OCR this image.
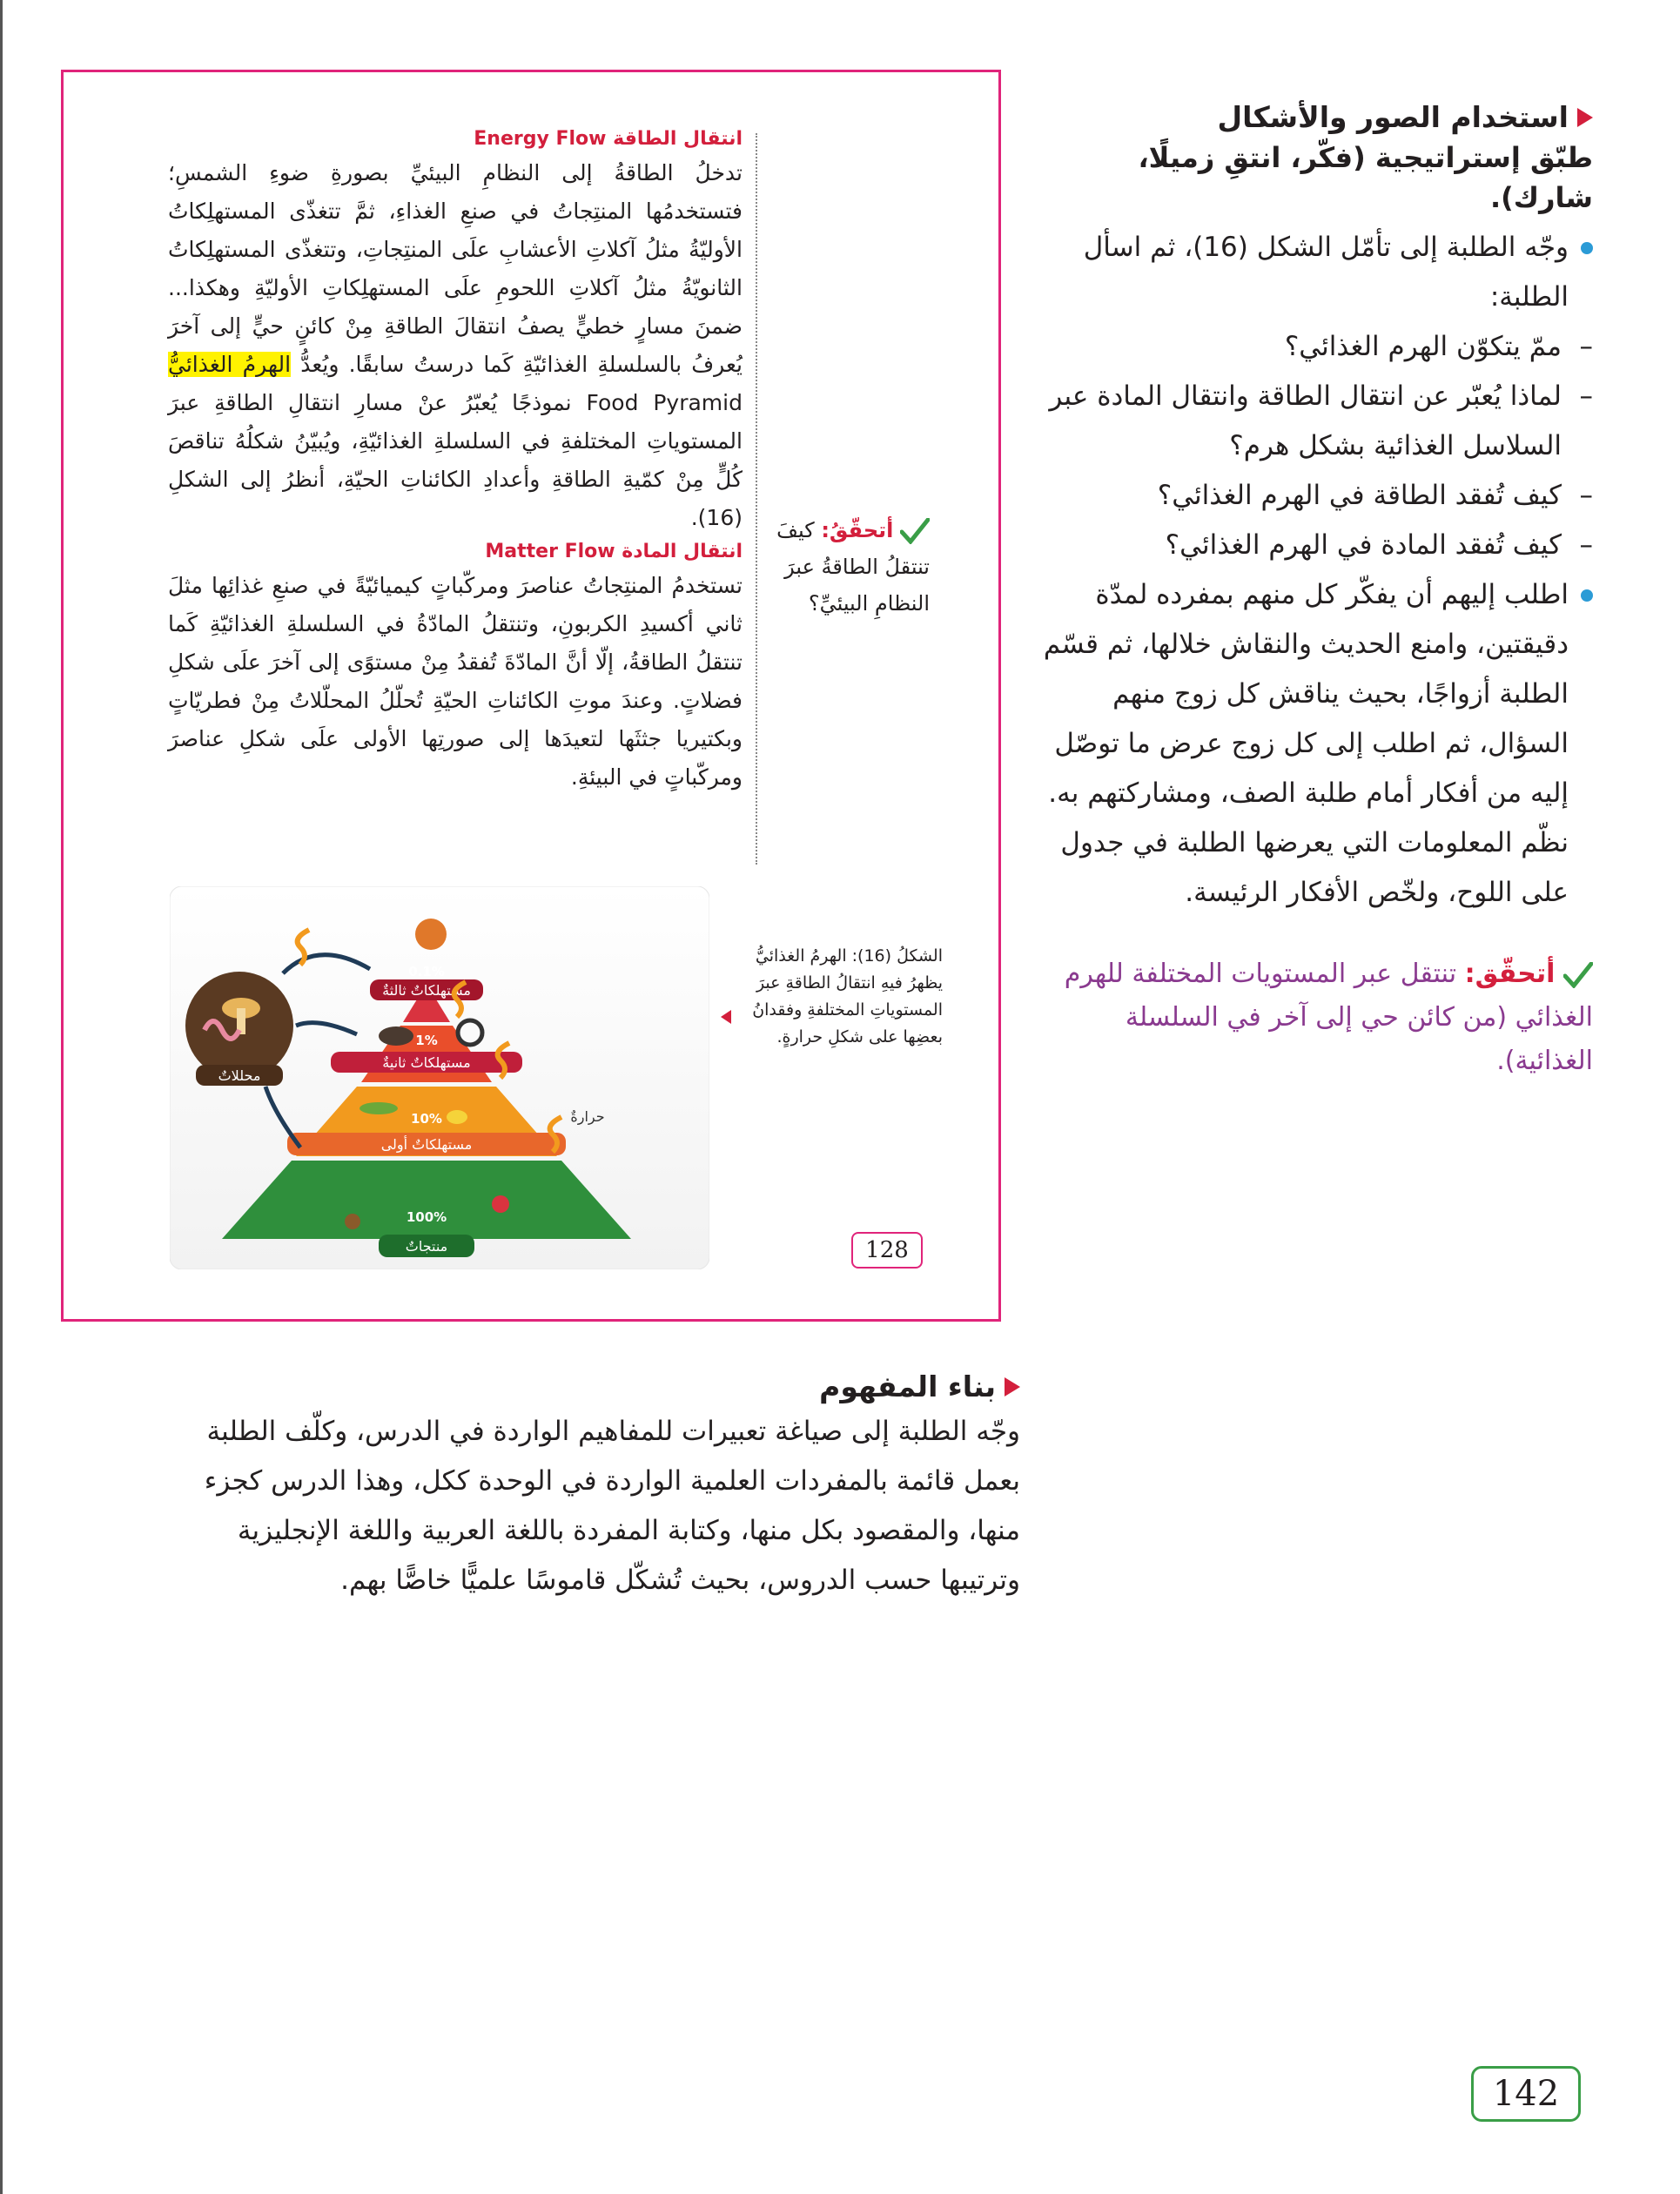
استخدام الصور والأشكال
طبّق إستراتيجية (فكّر، انتقِ زميلًا، شارك).
وجّه الطلبة إلى تأمّل الشكل (16)، ثم اسأل الطلبة:
– ممّ يتكوّن الهرم الغذائي؟
– لماذا يُعبّر عن انتقال الطاقة وانتقال المادة عبر السلاسل الغذائية بشكل هرم؟
– كيف تُفقد الطاقة في الهرم الغذائي؟
– كيف تُفقد المادة في الهرم الغذائي؟
اطلب إليهم أن يفكّر كل منهم بمفرده لمدّة دقيقتين، وامنع الحديث والنقاش خلالها، ثم قسّم الطلبة أزواجًا، بحيث يناقش كل زوج منهم السؤال، ثم اطلب إلى كل زوج عرض ما توصّل إليه من أفكار أمام طلبة الصف، ومشاركتهم به. نظّم المعلومات التي يعرضها الطلبة في جدول على اللوح، ولخّص الأفكار الرئيسة.
أتحقّق: تنتقل عبر المستويات المختلفة للهرم الغذائي (من كائن حي إلى آخر في السلسلة الغذائية).
انتقال الطاقة Energy Flow
تدخلُ الطاقةُ إلى النظامِ البيئيِّ بصورةِ ضوءِ الشمسِ؛ فتستخدمُها المنتِجاتُ في صنعِ الغذاءِ، ثمَّ تتغذّى المستهلِكاتُ الأوليّةُ مثلُ آكلاتِ الأعشابِ علَى المنتِجاتِ، وتتغذّى المستهلِكاتُ الثانويّةُ مثلُ آكلاتِ اللحومِ علَى المستهلِكاتِ الأوليّةِ وهكذا... ضمنَ مسارٍ خطيٍّ يصفُ انتقالَ الطاقةِ مِنْ كائنٍ حيٍّ إلى آخرَ يُعرفُ بالسلسلةِ الغذائيّةِ كَما درستُ سابقًا. ويُعدُّ الهرمُ الغذائيُّ Food Pyramid نموذجًا يُعبّرُ عنْ مسارِ انتقالِ الطاقةِ عبرَ المستوياتِ المختلفةِ في السلسلةِ الغذائيّةِ، ويُبيّنُ شكلُهُ تناقصَ كُلٍّ مِنْ كمّيةِ الطاقةِ وأعدادِ الكائناتِ الحيّةِ، أنظرُ إلى الشكلِ (16).
انتقال المادة Matter Flow
تستخدمُ المنتِجاتُ عناصرَ ومركّباتٍ كيميائيّةً في صنعِ غذائِها مثلَ ثاني أكسيدِ الكربونِ، وتنتقلُ المادّةُ في السلسلةِ الغذائيّةِ كَما تنتقلُ الطاقةُ، إلّا أنَّ المادّةَ تُفقدُ مِنْ مستوًى إلى آخرَ علَى شكلِ فضلاتٍ. وعندَ موتِ الكائناتِ الحيّةِ تُحلّلُ المحلّلاتُ مِنْ فطريّاتٍ وبكتيريا جثثَها لتعيدَها إلى صورتِها الأولى علَى شكلِ عناصرَ ومركّباتٍ في البيئةِ.
أتحقّقُ: كيفَ تنتقلُ الطاقةُ عبرَ النظامِ البيئيِّ؟
مستهلكاتٌ ثالثةٌ
مستهلكاتٌ ثانيةٌ
مستهلكاتٌ أولى
منتجاتٌ
0.1%
1%
10%
100%
محللاتٌ
حرارةٌ
الشكلُ (16): الهرمُ الغذائيُّ يظهرُ فيهِ انتقالُ الطاقةِ عبرَ المستوياتِ المختلفةِ وفقدانُ بعضِها على شكلِ حرارةٍ.
128
بناء المفهوم
وجّه الطلبة إلى صياغة تعبيرات للمفاهيم الواردة في الدرس، وكلّف الطلبة بعمل قائمة بالمفردات العلمية الواردة في الوحدة ككل، وهذا الدرس كجزء منها، والمقصود بكل منها، وكتابة المفردة باللغة العربية واللغة الإنجليزية وترتيبها حسب الدروس، بحيث تُشكّل قاموسًا علميًّا خاصًّا بهم.
142
